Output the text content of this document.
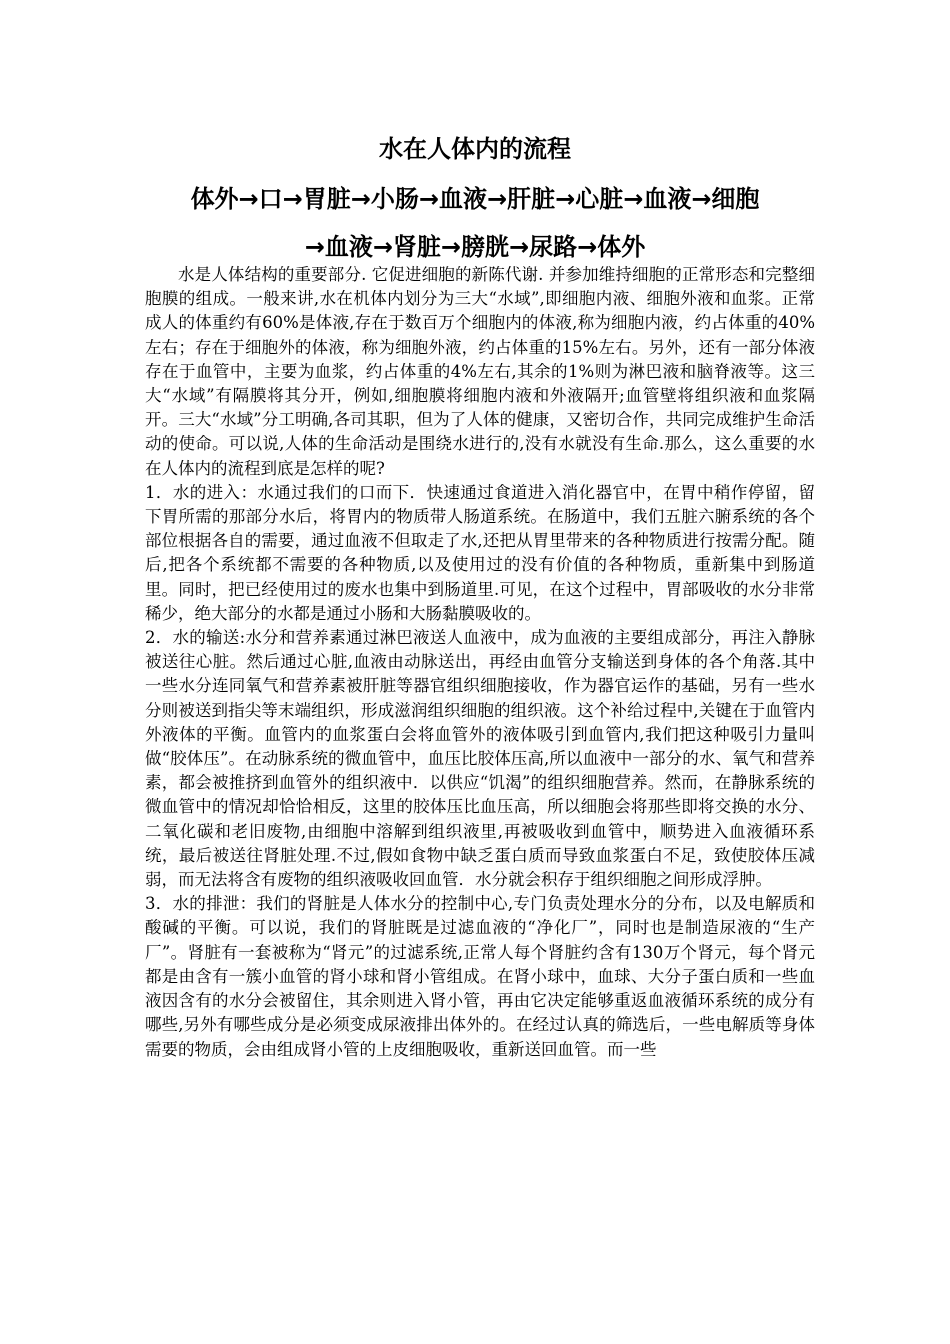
水在人体内的流程
体外→口→胃脏→小肠→血液→肝脏→心脏→血液→细胞
→血液→肾脏→膀胱→尿路→体外

水是人体结构的重要部分. 它促进细胞的新陈代谢. 并参加维持细胞的正常形态和完整细胞膜的组成。一般来讲,水在机体内划分为三大“水域”,即细胞内液、细胞外液和血浆。正常成人的体重约有60%是体液,存在于数百万个细胞内的体液,称为细胞内液，约占体重的40%左右；存在于细胞外的体液，称为细胞外液，约占体重的15%左右。另外，还有一部分体液存在于血管中，主要为血浆，约占体重的4%左右,其余的1%则为淋巴液和脑脊液等。这三大“水域”有隔膜将其分开，例如,细胞膜将细胞内液和外液隔开;血管壁将组织液和血浆隔开。三大“水域”分工明确,各司其职，但为了人体的健康，又密切合作，共同完成维护生命活动的使命。可以说,人体的生命活动是围绕水进行的,没有水就没有生命.那么，这么重要的水在人体内的流程到底是怎样的呢?

1．水的进入：水通过我们的口而下．快速通过食道进入消化器官中，在胃中稍作停留，留下胃所需的那部分水后，将胃内的物质带人肠道系统。在肠道中，我们五脏六腑系统的各个部位根据各自的需要，通过血液不但取走了水,还把从胃里带来的各种物质进行按需分配。随后,把各个系统都不需要的各种物质,以及使用过的没有价值的各种物质，重新集中到肠道里。同时，把已经使用过的废水也集中到肠道里.可见，在这个过程中，胃部吸收的水分非常稀少，绝大部分的水都是通过小肠和大肠黏膜吸收的。

2．水的输送:水分和营养素通过淋巴液送人血液中，成为血液的主要组成部分，再注入静脉被送往心脏。然后通过心脏,血液由动脉送出，再经由血管分支输送到身体的各个角落.其中一些水分连同氧气和营养素被肝脏等器官组织细胞接收，作为器官运作的基础，另有一些水分则被送到指尖等末端组织，形成滋润组织细胞的组织液。这个补给过程中,关键在于血管内外液体的平衡。血管内的血浆蛋白会将血管外的液体吸引到血管内,我们把这种吸引力量叫做“胶体压”。在动脉系统的微血管中，血压比胶体压高,所以血液中一部分的水、氧气和营养素，都会被推挤到血管外的组织液中．以供应“饥渴”的组织细胞营养。然而，在静脉系统的微血管中的情况却恰恰相反，这里的胶体压比血压高，所以细胞会将那些即将交换的水分、二氧化碳和老旧废物,由细胞中溶解到组织液里,再被吸收到血管中，顺势进入血液循环系统，最后被送往肾脏处理.不过,假如食物中缺乏蛋白质而导致血浆蛋白不足，致使胶体压减弱，而无法将含有废物的组织液吸收回血管．水分就会积存于组织细胞之间形成浮肿。

3．水的排泄：我们的肾脏是人体水分的控制中心,专门负责处理水分的分布，以及电解质和酸碱的平衡。可以说，我们的肾脏既是过滤血液的“净化厂”，同时也是制造尿液的“生产厂”。肾脏有一套被称为“肾元”的过滤系统,正常人每个肾脏约含有130万个肾元，每个肾元都是由含有一簇小血管的肾小球和肾小管组成。在肾小球中，血球、大分子蛋白质和一些血液因含有的水分会被留住，其余则进入肾小管，再由它决定能够重返血液循环系统的成分有哪些,另外有哪些成分是必须变成尿液排出体外的。在经过认真的筛选后，一些电解质等身体需要的物质，会由组成肾小管的上皮细胞吸收，重新送回血管。而一些
